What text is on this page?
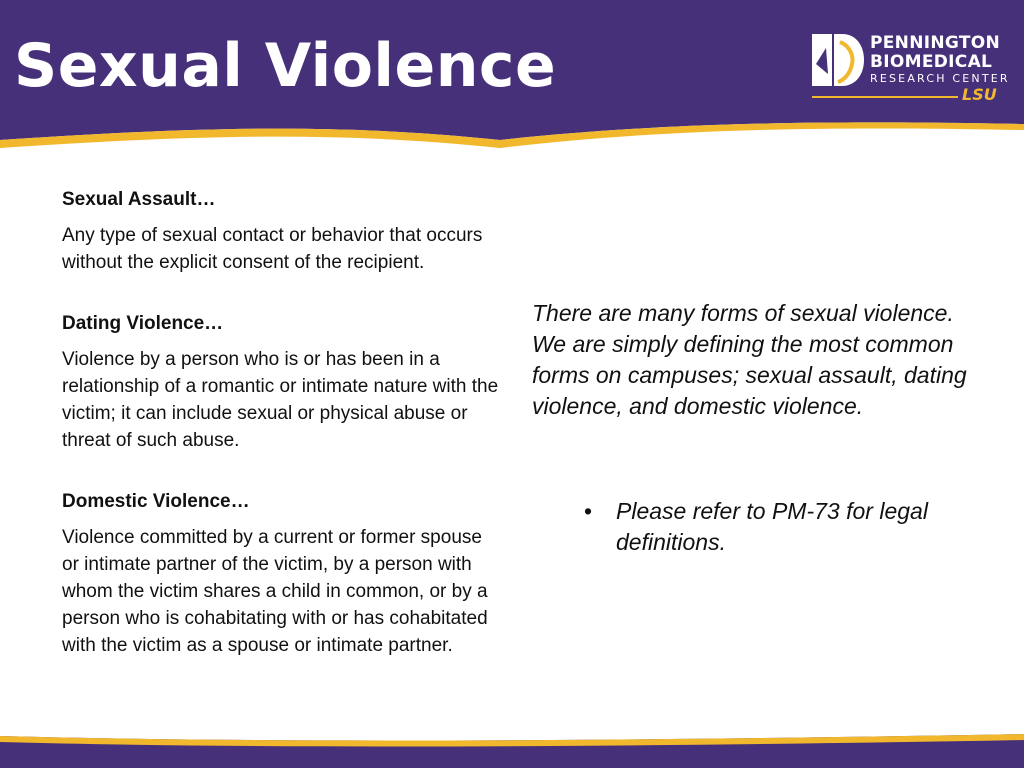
Sexual Violence	PENNINGTON
BIOMEDICAL
RESEARCH CENTER
LSU
Sexual Assault…

Any type of sexual contact or behavior that occurs without the explicit consent of the recipient.

Dating Violence…

Violence by a person who is or has been in a relationship of a romantic or intimate nature with the victim; it can include sexual or physical abuse or threat of such abuse.

Domestic Violence…

Violence committed by a current or former spouse or intimate partner of the victim, by a person with whom the victim shares a child in common, or by a person who is cohabitating with or has cohabitated with the victim as a spouse or intimate partner.

There are many forms of sexual violence. We are simply defining the most common forms on campuses; sexual assault, dating violence, and domestic violence.

• Please refer to PM-73 for legal definitions.
